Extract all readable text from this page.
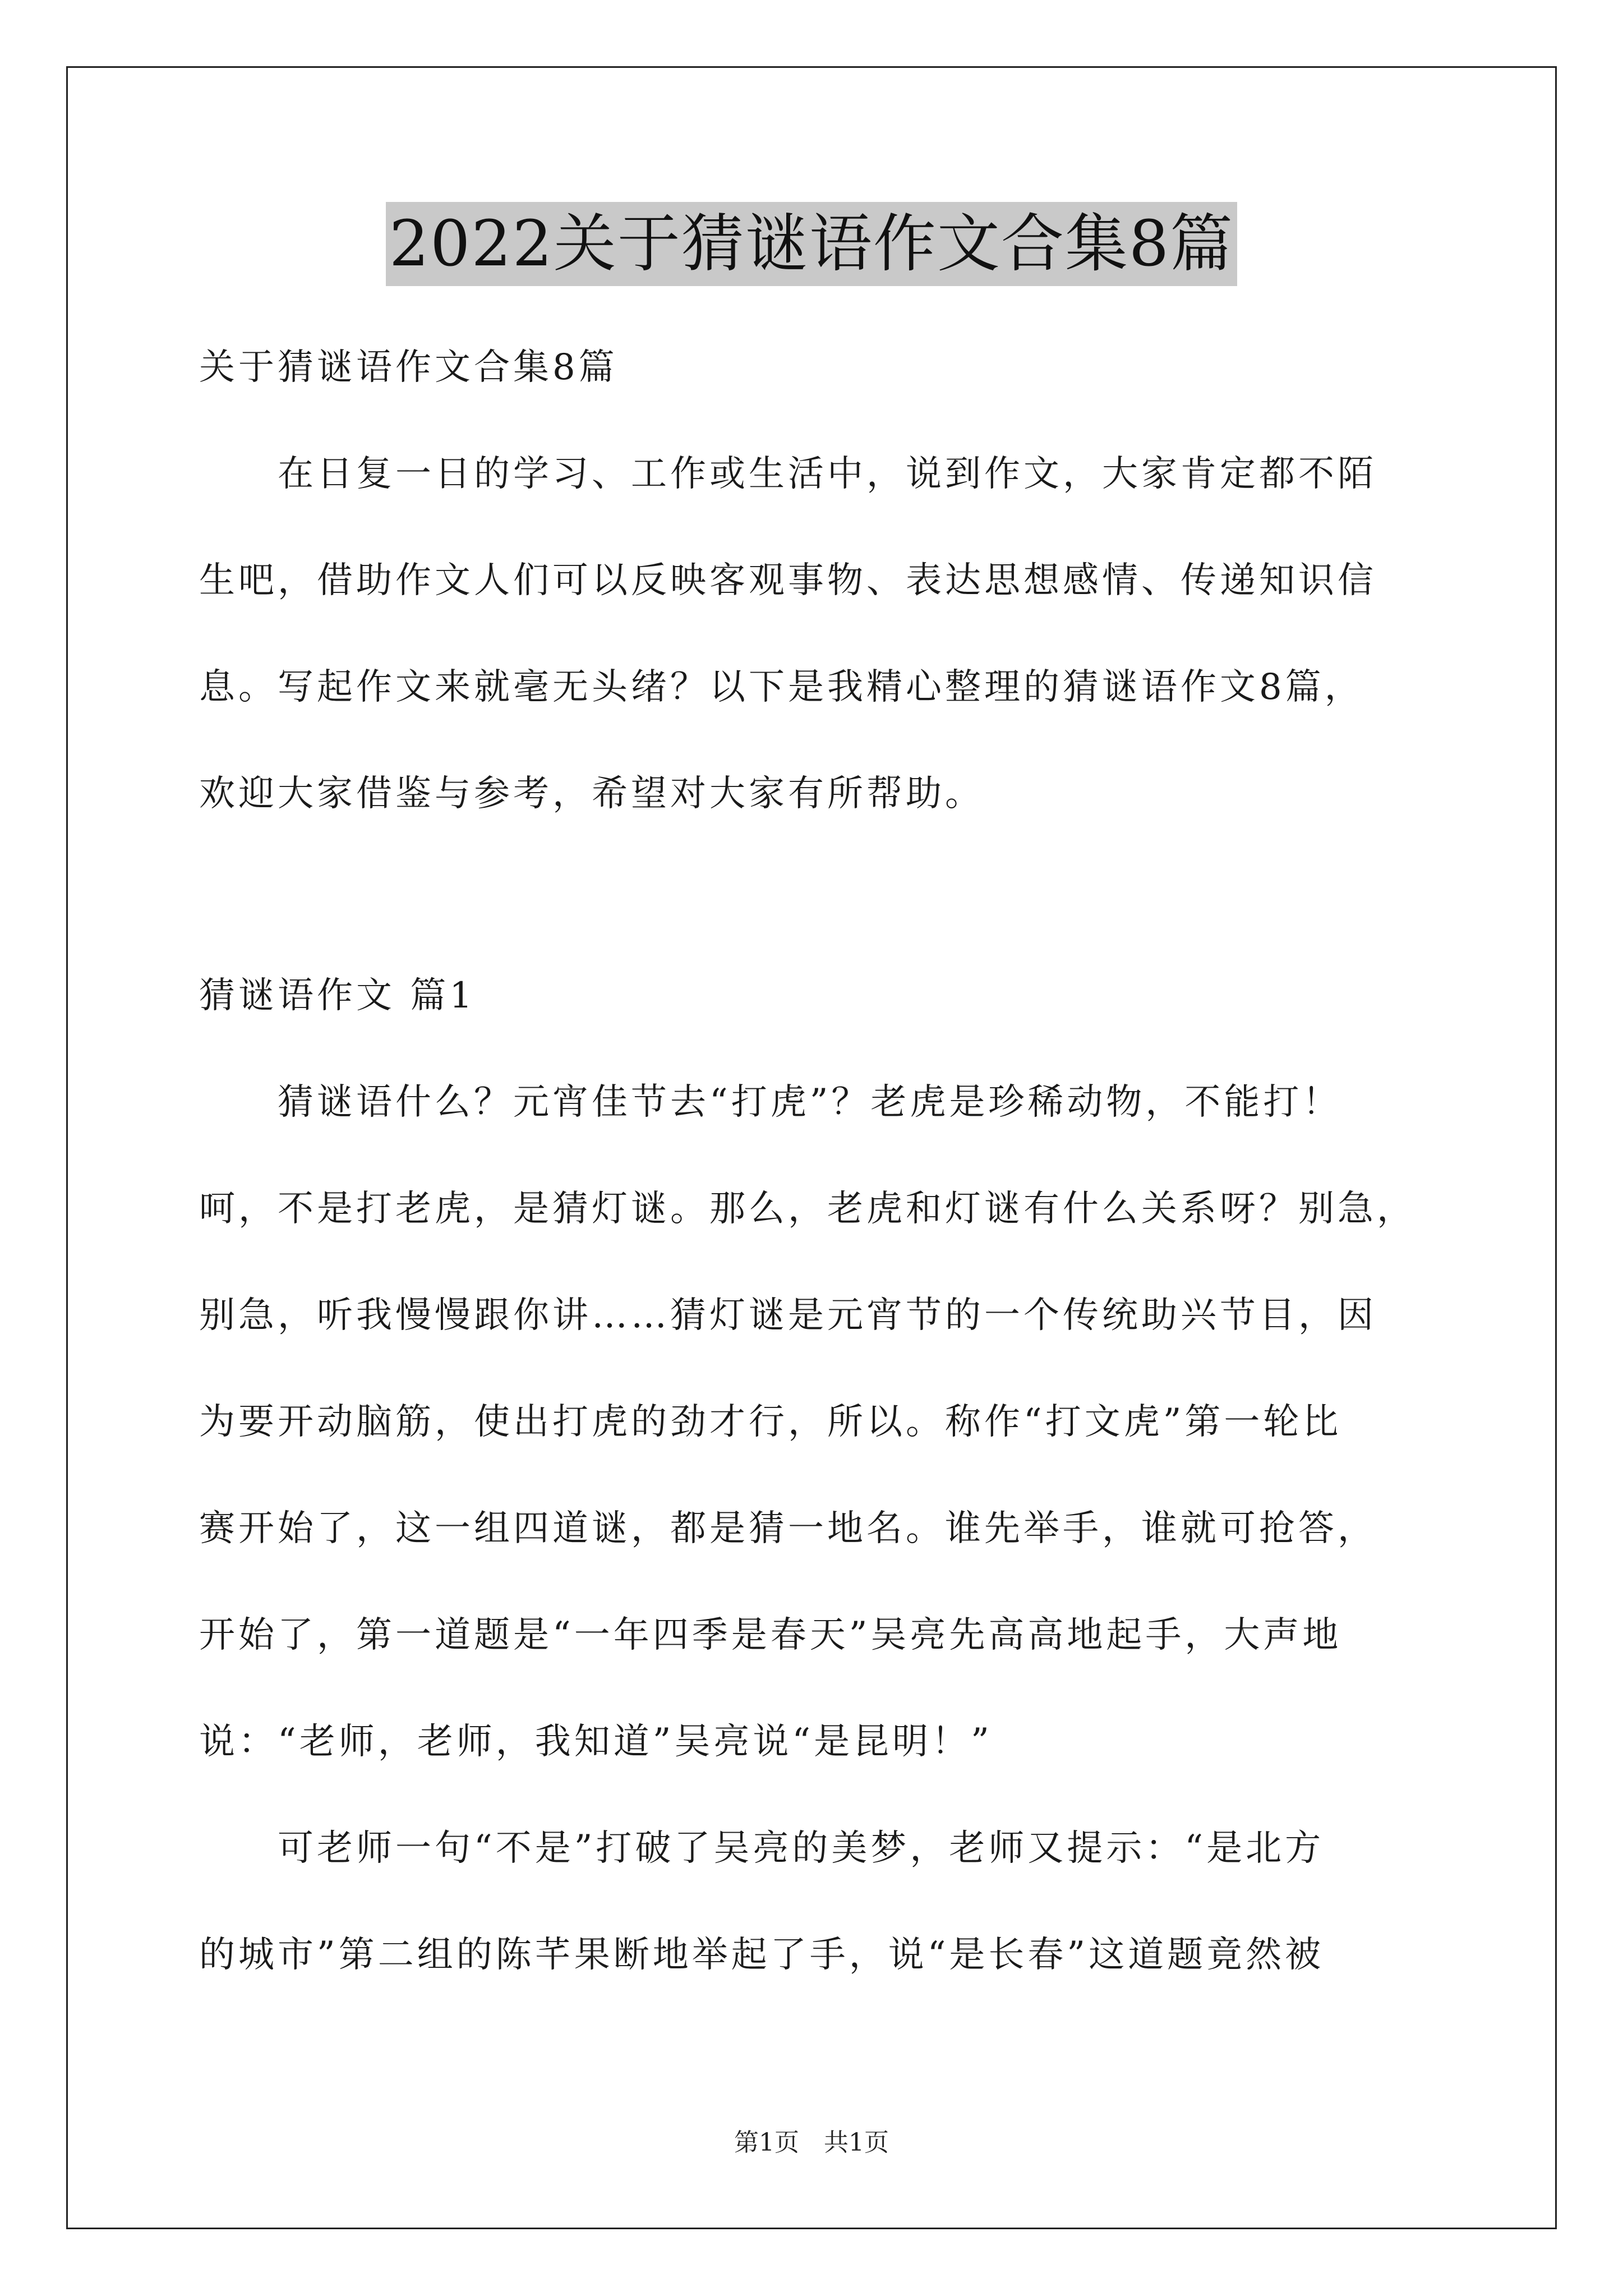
2022关于猜谜语作文合集8篇
关于猜谜语作文合集8篇
在日复一日的学习、工作或生活中，说到作文，大家肯定都不陌
生吧，借助作文人们可以反映客观事物、表达思想感情、传递知识信
息。写起作文来就毫无头绪？以下是我精心整理的猜谜语作文8篇，
欢迎大家借鉴与参考，希望对大家有所帮助。
猜谜语作文 篇1
猜谜语什么？元宵佳节去“打虎”？老虎是珍稀动物，不能打！
呵，不是打老虎，是猜灯谜。那么，老虎和灯谜有什么关系呀？别急，
别急，听我慢慢跟你讲……猜灯谜是元宵节的一个传统助兴节目，因
为要开动脑筋，使出打虎的劲才行，所以。称作“打文虎”第一轮比
赛开始了，这一组四道谜，都是猜一地名。谁先举手，谁就可抢答，
开始了，第一道题是“一年四季是春天”吴亮先高高地起手，大声地
说：“老师，老师，我知道”吴亮说“是昆明！”
可老师一句“不是”打破了吴亮的美梦，老师又提示：“是北方
的城市”第二组的陈芊果断地举起了手，说“是长春”这道题竟然被
第1页　共1页
